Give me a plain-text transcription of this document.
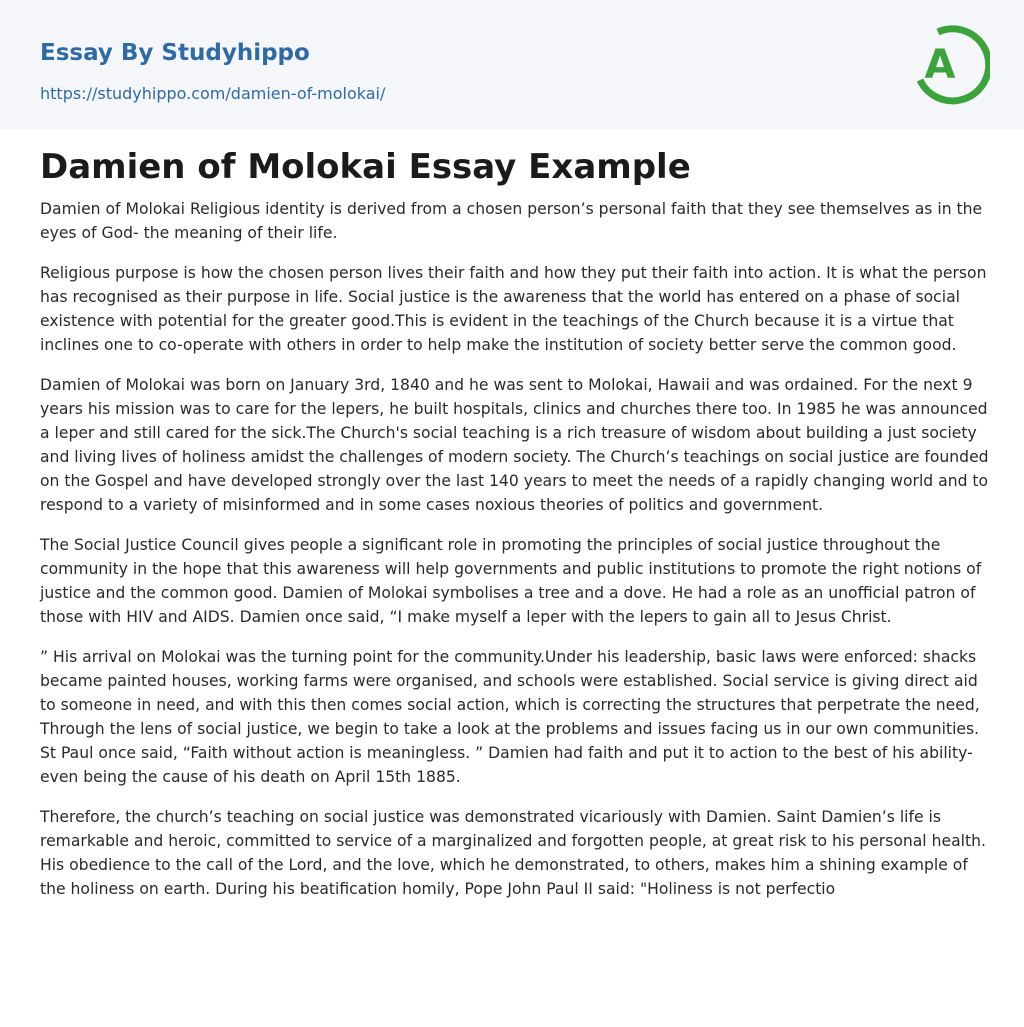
Essay By Studyhippo
https://studyhippo.com/damien-of-molokai/
A
Damien of Molokai Essay Example

Damien of Molokai Religious identity is derived from a chosen person’s personal faith that they see themselves as in the eyes of God- the meaning of their life.

Religious purpose is how the chosen person lives their faith and how they put their faith into action. It is what the person has recognised as their purpose in life. Social justice is the awareness that the world has entered on a phase of social existence with potential for the greater good.This is evident in the teachings of the Church because it is a virtue that inclines one to co-operate with others in order to help make the institution of society better serve the common good.

Damien of Molokai was born on January 3rd, 1840 and he was sent to Molokai, Hawaii and was ordained. For the next 9 years his mission was to care for the lepers, he built hospitals, clinics and churches there too. In 1985 he was announced a leper and still cared for the sick.The Church's social teaching is a rich treasure of wisdom about building a just society and living lives of holiness amidst the challenges of modern society. The Church’s teachings on social justice are founded on the Gospel and have developed strongly over the last 140 years to meet the needs of a rapidly changing world and to respond to a variety of misinformed and in some cases noxious theories of politics and government.

The Social Justice Council gives people a significant role in promoting the principles of social justice throughout the community in the hope that this awareness will help governments and public institutions to promote the right notions of justice and the common good. Damien of Molokai symbolises a tree and a dove. He had a role as an unofficial patron of those with HIV and AIDS. Damien once said, “I make myself a leper with the lepers to gain all to Jesus Christ.

” His arrival on Molokai was the turning point for the community.Under his leadership, basic laws were enforced: shacks became painted houses, working farms were organised, and schools were established. Social service is giving direct aid to someone in need, and with this then comes social action, which is correcting the structures that perpetrate the need, Through the lens of social justice, we begin to take a look at the problems and issues facing us in our own communities. St Paul once said, “Faith without action is meaningless. ” Damien had faith and put it to action to the best of his ability- even being the cause of his death on April 15th 1885.

Therefore, the church’s teaching on social justice was demonstrated vicariously with Damien. Saint Damien’s life is remarkable and heroic, committed to service of a marginalized and forgotten people, at great risk to his personal health. His obedience to the call of the Lord, and the love, which he demonstrated, to others, makes him a shining example of the holiness on earth. During his beatification homily, Pope John Paul II said: "Holiness is not perfectio
